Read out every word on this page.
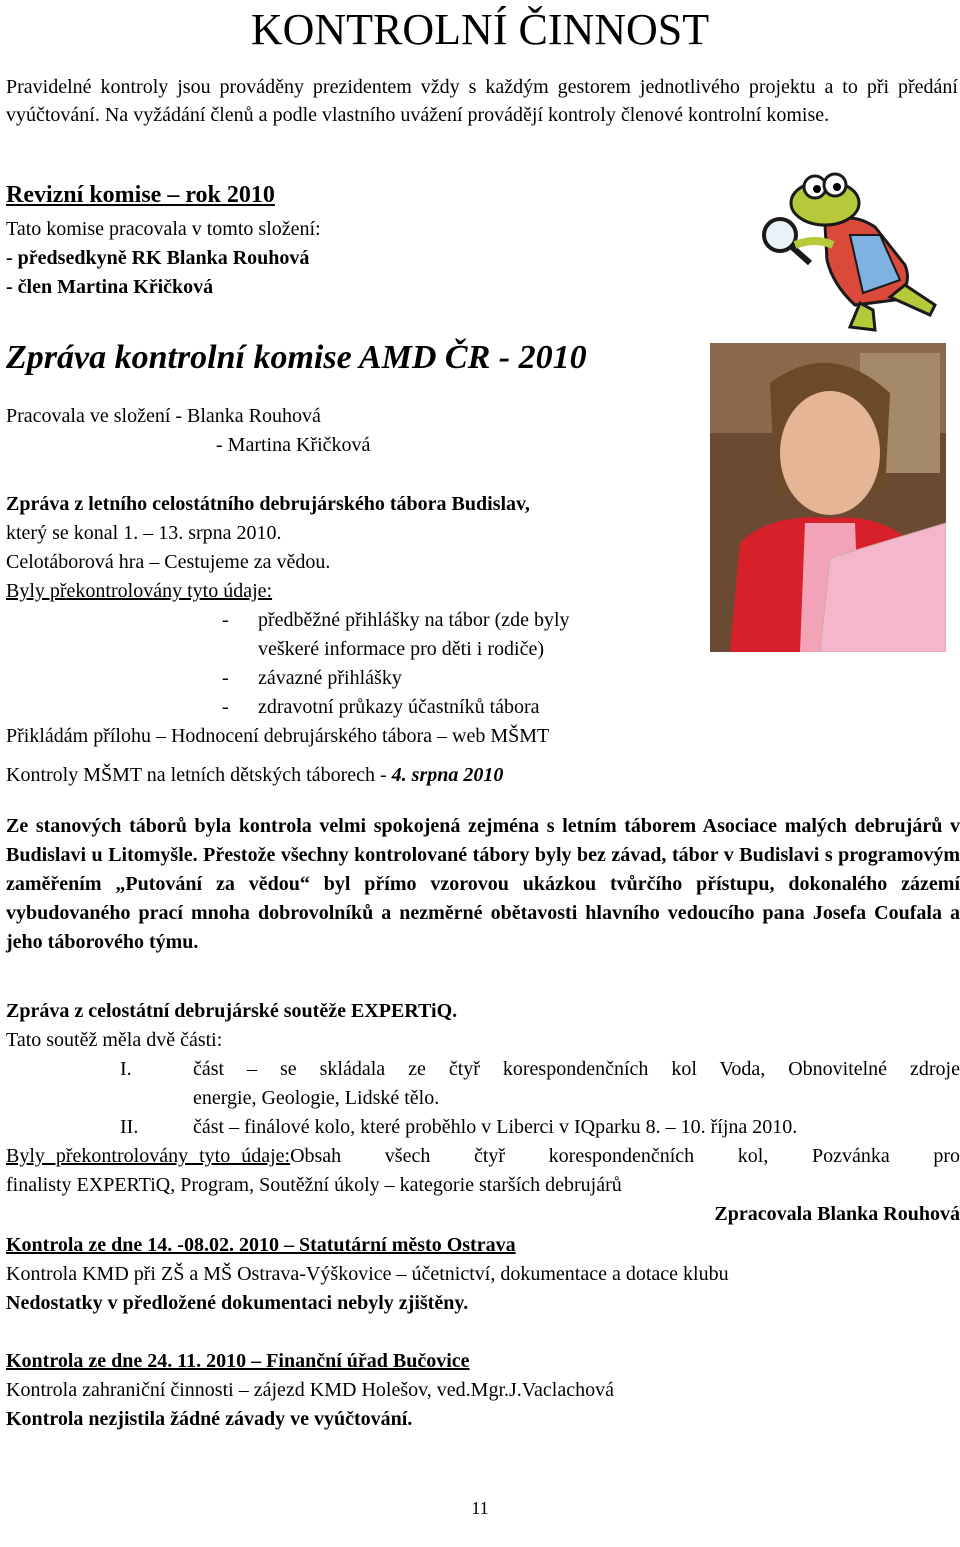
KONTROLNÍ ČINNOST
Pravidelné kontroly jsou prováděny prezidentem vždy s každým gestorem jednotlivého projektu a to při předání vyúčtování. Na vyžádání členů a podle vlastního uvážení provádějí kontroly členové kontrolní komise.
Revizní komise – rok 2010
Tato komise pracovala v tomto složení:
- předsedkyně RK Blanka Rouhová
- člen Martina Křičková
Zpráva kontrolní komise AMD ČR - 2010
Pracovala ve složení - Blanka Rouhová
- Martina Křičková
Zpráva z letního celostátního debrujárského tábora Budislav,
který se konal 1. – 13. srpna 2010.
Celotáborová hra – Cestujeme za vědou.
Byly překontrolovány tyto údaje:
- předběžné přihlášky na tábor (zde byly
veškeré informace pro děti i rodiče)
- závazné přihlášky
- zdravotní průkazy účastníků tábora
Přikládám přílohu – Hodnocení debrujárského tábora – web MŠMT
Kontroly MŠMT na letních dětských táborech - 4. srpna 2010
Ze stanových táborů byla kontrola velmi spokojená zejména s letním táborem Asociace malých debrujárů v Budislavi u Litomyšle. Přestože všechny kontrolované tábory byly bez závad, tábor v Budislavi s programovým zaměřením „Putování za vědou“ byl přímo vzorovou ukázkou tvůrčího přístupu, dokonalého zázemí vybudovaného prací mnoha dobrovolníků a nezměrné obětavosti hlavního vedoucího pana Josefa Coufala a jeho táborového týmu.
Zpráva z celostátní debrujárské soutěže EXPERTiQ.
Tato soutěž měla dvě části:
I.	část – se skládala ze čtyř korespondenčních kol Voda, Obnovitelné zdroje
energie, Geologie, Lidské tělo.
II.	část – finálové kolo, které proběhlo v Liberci v IQparku 8. – 10. října 2010.
Byly překontrolovány tyto údaje: Obsah všech čtyř korespondenčních kol, Pozvánka pro
finalisty EXPERTiQ, Program, Soutěžní úkoly – kategorie starších debrujárů
Zpracovala Blanka Rouhová
Kontrola ze dne 14. -08.02. 2010 – Statutární město Ostrava
Kontrola KMD při ZŠ a MŠ Ostrava-Výškovice – účetnictví, dokumentace a dotace klubu
Nedostatky v předložené dokumentaci nebyly zjištěny.
Kontrola ze dne 24. 11. 2010 – Finanční úřad Bučovice
Kontrola zahraniční činnosti – zájezd KMD Holešov, ved.Mgr.J.Vaclachová
Kontrola nezjistila žádné závady ve vyúčtování.
11
